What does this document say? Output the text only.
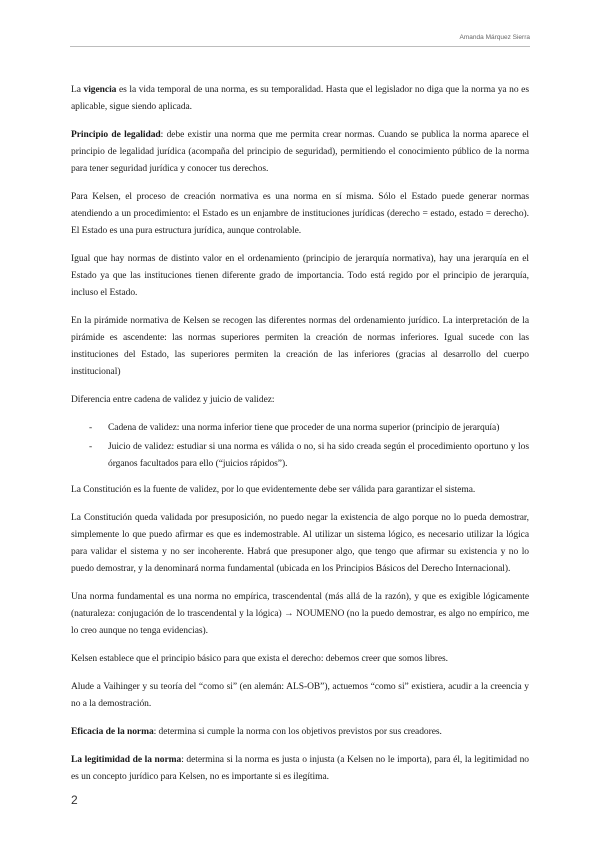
Amanda Márquez Sierra

La vigencia es la vida temporal de una norma, es su temporalidad. Hasta que el legislador no diga que la norma ya no es aplicable, sigue siendo aplicada.

Principio de legalidad: debe existir una norma que me permita crear normas. Cuando se publica la norma aparece el principio de legalidad jurídica (acompaña del principio de seguridad), permitiendo el conocimiento público de la norma para tener seguridad jurídica y conocer tus derechos.

Para Kelsen, el proceso de creación normativa es una norma en sí misma. Sólo el Estado puede generar normas atendiendo a un procedimiento: el Estado es un enjambre de instituciones jurídicas (derecho = estado, estado = derecho). El Estado es una pura estructura jurídica, aunque controlable.

Igual que hay normas de distinto valor en el ordenamiento (principio de jerarquía normativa), hay una jerarquía en el Estado ya que las instituciones tienen diferente grado de importancia. Todo está regido por el principio de jerarquía, incluso el Estado.

En la pirámide normativa de Kelsen se recogen las diferentes normas del ordenamiento jurídico. La interpretación de la pirámide es ascendente: las normas superiores permiten la creación de normas inferiores. Igual sucede con las instituciones del Estado, las superiores permiten la creación de las inferiores (gracias al desarrollo del cuerpo institucional)

Diferencia entre cadena de validez y juicio de validez:

- Cadena de validez: una norma inferior tiene que proceder de una norma superior (principio de jerarquía)
- Juicio de validez: estudiar si una norma es válida o no, si ha sido creada según el procedimiento oportuno y los órganos facultados para ello (“juicios rápidos”).

La Constitución es la fuente de validez, por lo que evidentemente debe ser válida para garantizar el sistema.

La Constitución queda validada por presuposición, no puedo negar la existencia de algo porque no lo pueda demostrar, simplemente lo que puedo afirmar es que es indemostrable. Al utilizar un sistema lógico, es necesario utilizar la lógica para validar el sistema y no ser incoherente. Habrá que presuponer algo, que tengo que afirmar su existencia y no lo puedo demostrar, y la denominará norma fundamental (ubicada en los Principios Básicos del Derecho Internacional).

Una norma fundamental es una norma no empírica, trascendental (más allá de la razón), y que es exigible lógicamente (naturaleza: conjugación de lo trascendental y la lógica) → NOUMENO (no la puedo demostrar, es algo no empírico, me lo creo aunque no tenga evidencias).

Kelsen establece que el principio básico para que exista el derecho: debemos creer que somos libres.

Alude a Vaihinger y su teoría del “como si” (en alemán: ALS-OB”), actuemos “como si” existiera, acudir a la creencia y no a la demostración.

Eficacia de la norma: determina si cumple la norma con los objetivos previstos por sus creadores.

La legitimidad de la norma: determina si la norma es justa o injusta (a Kelsen no le importa), para él, la legitimidad no es un concepto jurídico para Kelsen, no es importante si es ilegítima.

2
